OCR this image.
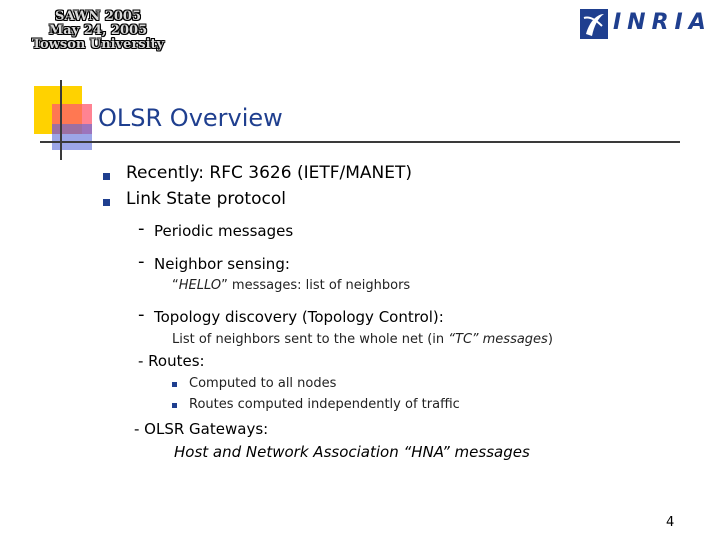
SAWN 2005
May 24, 2005
Towson University
INRIA
OLSR Overview
Recently: RFC 3626 (IETF/MANET)
Link State protocol
- Periodic messages
- Neighbor sensing:
“HELLO” messages: list of neighbors
- Topology discovery (Topology Control):
List of neighbors sent to the whole net (in “TC” messages)
- Routes:
Computed to all nodes
Routes computed independently of traffic
- OLSR Gateways:
Host and Network Association “HNA” messages
4
